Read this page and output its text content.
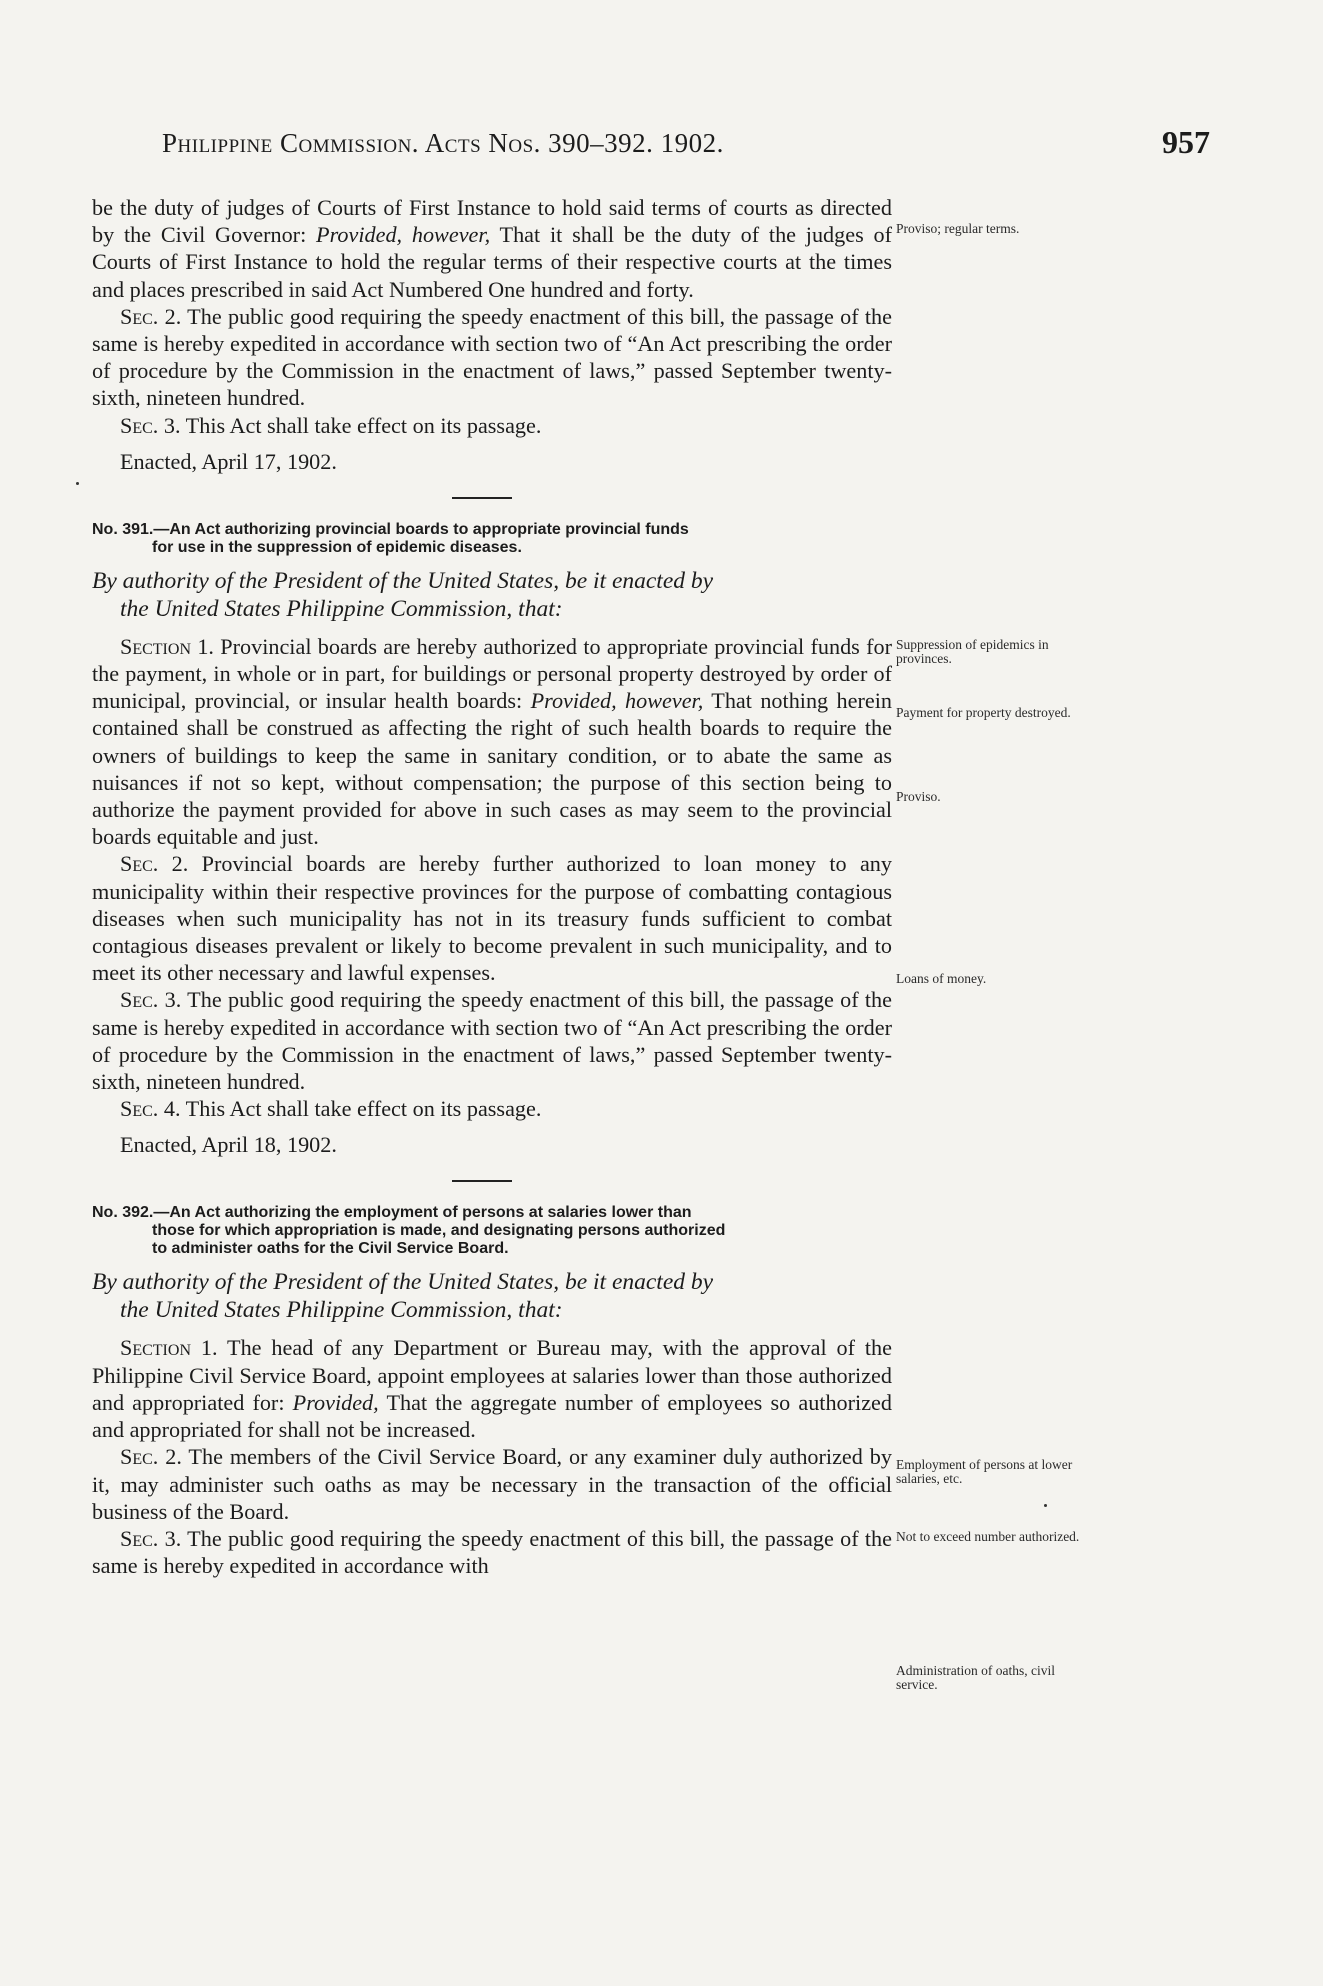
Philippine Commission. Acts Nos. 390–392. 1902.	957

be the duty of judges of Courts of First Instance to hold said terms of courts as directed by the Civil Governor: Provided, however, That it shall be the duty of the judges of Courts of First Instance to hold the regular terms of their respective courts at the times and places prescribed in said Act Numbered One hundred and forty.

Sec. 2. The public good requiring the speedy enactment of this bill, the passage of the same is hereby expedited in accordance with section two of “An Act prescribing the order of procedure by the Commission in the enactment of laws,” passed September twenty-sixth, nineteen hundred.

Sec. 3. This Act shall take effect on its passage.

Enacted, April 17, 1902.
No. 391.—An Act authorizing provincial boards to appropriate provincial funds
for use in the suppression of epidemic diseases.
By authority of the President of the United States, be it enacted by
the United States Philippine Commission, that:

Section 1. Provincial boards are hereby authorized to appropriate provincial funds for the payment, in whole or in part, for buildings or personal property destroyed by order of municipal, provincial, or insular health boards: Provided, however, That nothing herein contained shall be construed as affecting the right of such health boards to require the owners of buildings to keep the same in sanitary condition, or to abate the same as nuisances if not so kept, without compensation; the purpose of this section being to authorize the payment provided for above in such cases as may seem to the provincial boards equitable and just.

Sec. 2. Provincial boards are hereby further authorized to loan money to any municipality within their respective provinces for the purpose of combatting contagious diseases when such municipality has not in its treasury funds sufficient to combat contagious diseases prevalent or likely to become prevalent in such municipality, and to meet its other necessary and lawful expenses.

Sec. 3. The public good requiring the speedy enactment of this bill, the passage of the same is hereby expedited in accordance with section two of “An Act prescribing the order of procedure by the Commission in the enactment of laws,” passed September twenty-sixth, nineteen hundred.

Sec. 4. This Act shall take effect on its passage.

Enacted, April 18, 1902.
No. 392.—An Act authorizing the employment of persons at salaries lower than
those for which appropriation is made, and designating persons authorized
to administer oaths for the Civil Service Board.
By authority of the President of the United States, be it enacted by
the United States Philippine Commission, that:

Section 1. The head of any Department or Bureau may, with the approval of the Philippine Civil Service Board, appoint employees at salaries lower than those authorized and appropriated for: Provided, That the aggregate number of employees so authorized and appropriated for shall not be increased.

Sec. 2. The members of the Civil Service Board, or any examiner duly authorized by it, may administer such oaths as may be necessary in the transaction of the official business of the Board.

Sec. 3. The public good requiring the speedy enactment of this bill, the passage of the same is hereby expedited in accordance with

Proviso; regular terms.
Suppression of epidemics in provinces.
Payment for property destroyed.
Proviso.
Loans of money.
Employment of persons at lower salaries, etc.
Not to exceed number authorized.
Administration of oaths, civil service.
